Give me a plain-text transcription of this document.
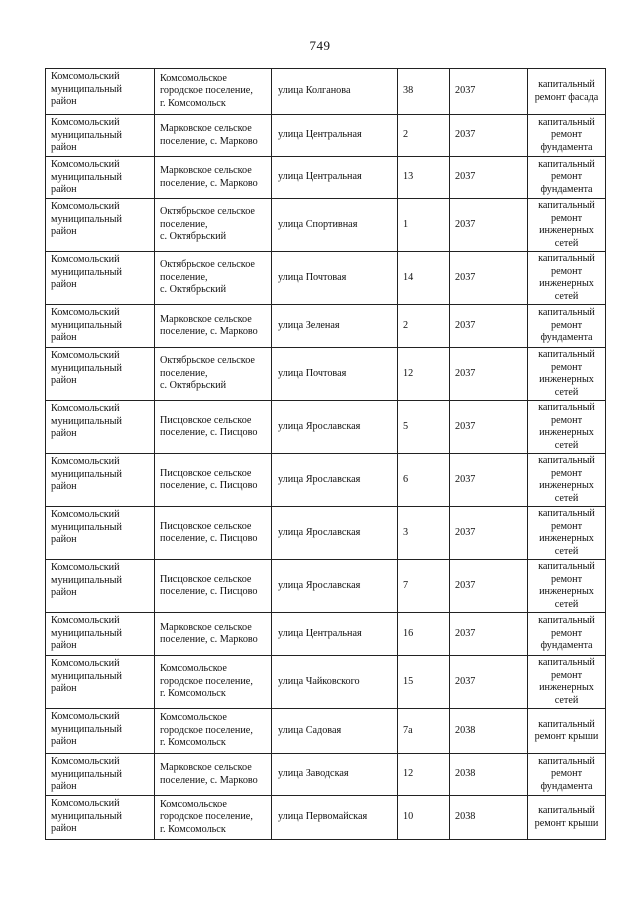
749
Комсомольский
муниципальный
район	Комсомольское
городское поселение,
г. Комсомольск	улица Колганова	38	2037	капитальный
ремонт фасада

Комсомольский
муниципальный
район	Марковское сельское
поселение, с. Марково	улица Центральная	2	2037	капитальный
ремонт
фундамента

Комсомольский
муниципальный
район	Марковское сельское
поселение, с. Марково	улица Центральная	13	2037	капитальный
ремонт
фундамента

Комсомольский
муниципальный
район	Октябрьское сельское
поселение,
с. Октябрьский	улица Спортивная	1	2037	капитальный
ремонт
инженерных
сетей

Комсомольский
муниципальный
район	Октябрьское сельское
поселение,
с. Октябрьский	улица Почтовая	14	2037	капитальный
ремонт
инженерных
сетей

Комсомольский
муниципальный
район	Марковское сельское
поселение, с. Марково	улица Зеленая	2	2037	капитальный
ремонт
фундамента

Комсомольский
муниципальный
район	Октябрьское сельское
поселение,
с. Октябрьский	улица Почтовая	12	2037	капитальный
ремонт
инженерных
сетей

Комсомольский
муниципальный
район	Писцовское сельское
поселение, с. Писцово	улица Ярославская	5	2037	капитальный
ремонт
инженерных
сетей

Комсомольский
муниципальный
район	Писцовское сельское
поселение, с. Писцово	улица Ярославская	6	2037	капитальный
ремонт
инженерных
сетей

Комсомольский
муниципальный
район	Писцовское сельское
поселение, с. Писцово	улица Ярославская	3	2037	капитальный
ремонт
инженерных
сетей

Комсомольский
муниципальный
район	Писцовское сельское
поселение, с. Писцово	улица Ярославская	7	2037	капитальный
ремонт
инженерных
сетей

Комсомольский
муниципальный
район	Марковское сельское
поселение, с. Марково	улица Центральная	16	2037	капитальный
ремонт
фундамента

Комсомольский
муниципальный
район	Комсомольское
городское поселение,
г. Комсомольск	улица Чайковского	15	2037	капитальный
ремонт
инженерных
сетей

Комсомольский
муниципальный
район	Комсомольское
городское поселение,
г. Комсомольск	улица Садовая	7а	2038	капитальный
ремонт крыши

Комсомольский
муниципальный
район	Марковское сельское
поселение, с. Марково	улица Заводская	12	2038	капитальный
ремонт
фундамента

Комсомольский
муниципальный
район	Комсомольское
городское поселение,
г. Комсомольск	улица Первомайская	10	2038	капитальный
ремонт крыши
